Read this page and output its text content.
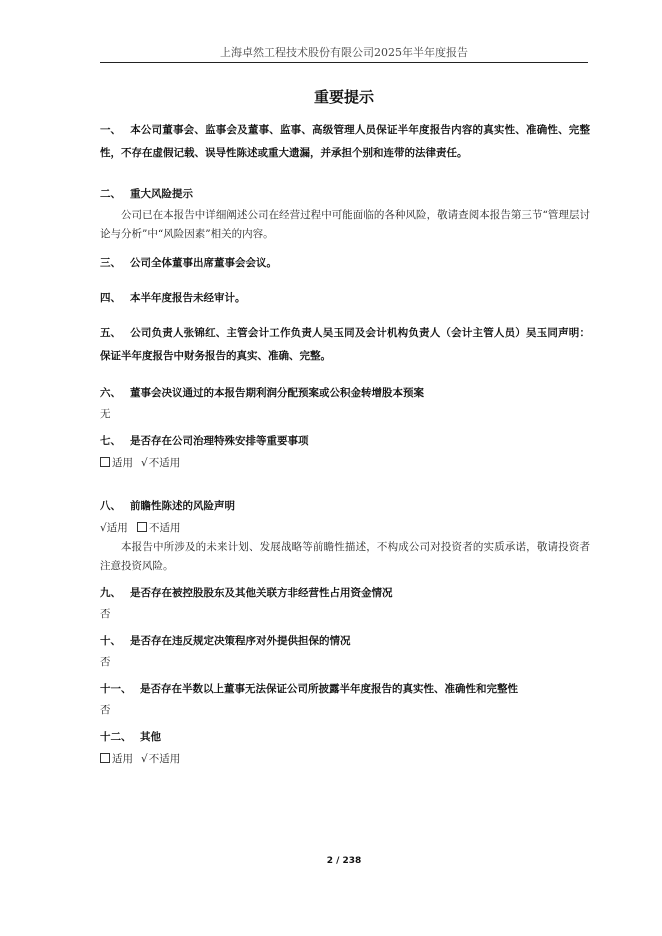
上海卓然工程技术股份有限公司2025年半年度报告
重要提示
一、 本公司董事会、监事会及董事、监事、高级管理人员保证半年度报告内容的真实性、准确性、完整性，不存在虚假记载、误导性陈述或重大遗漏，并承担个别和连带的法律责任。
二、 重大风险提示
公司已在本报告中详细阐述公司在经营过程中可能面临的各种风险，敬请查阅本报告第三节“管理层讨论与分析”中“风险因素”相关的内容。
三、 公司全体董事出席董事会会议。
四、 本半年度报告未经审计。
五、 公司负责人张锦红、主管会计工作负责人吴玉同及会计机构负责人（会计主管人员）吴玉同声明：保证半年度报告中财务报告的真实、准确、完整。
六、 董事会决议通过的本报告期利润分配预案或公积金转增股本预案
无
七、 是否存在公司治理特殊安排等重要事项
适用 √不适用
八、 前瞻性陈述的风险声明
√适用 不适用
本报告中所涉及的未来计划、发展战略等前瞻性描述，不构成公司对投资者的实质承诺，敬请投资者注意投资风险。
九、 是否存在被控股股东及其他关联方非经营性占用资金情况
否
十、 是否存在违反规定决策程序对外提供担保的情况
否
十一、 是否存在半数以上董事无法保证公司所披露半年度报告的真实性、准确性和完整性
否
十二、 其他
适用 √不适用
2 / 238
